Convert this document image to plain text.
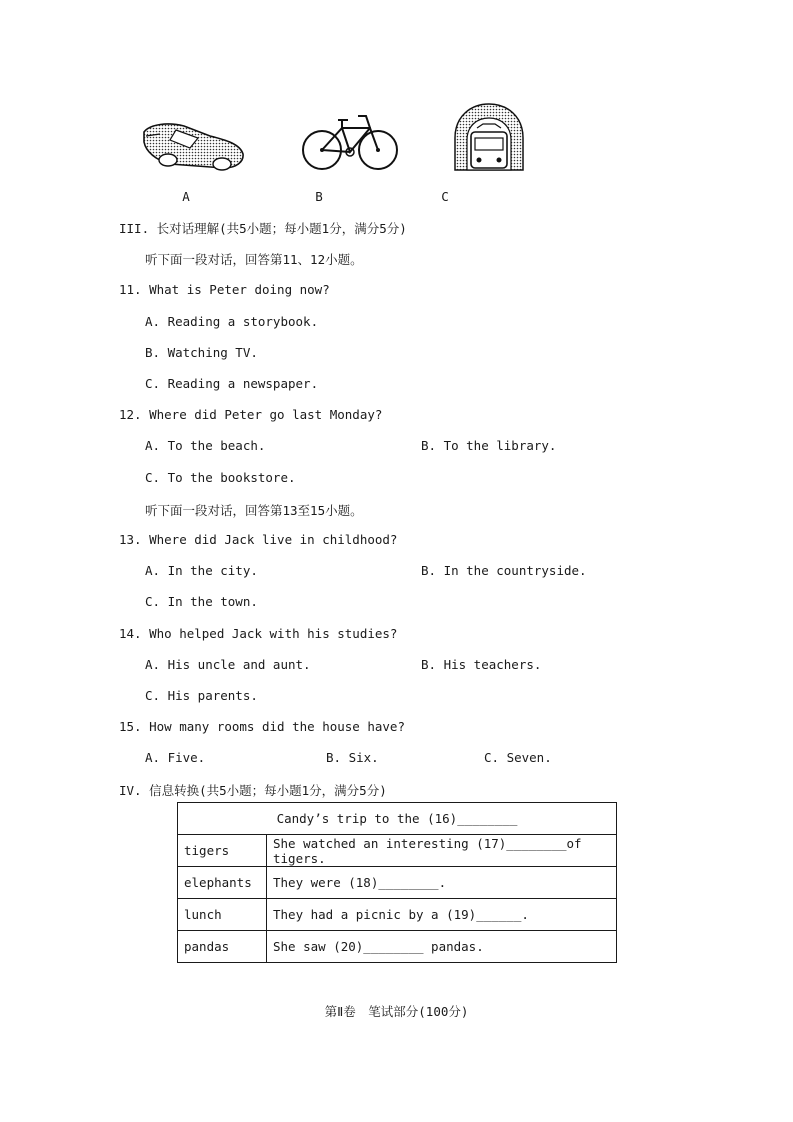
A	B	C
III. 长对话理解(共5小题；每小题1分，满分5分)
听下面一段对话，回答第11、12小题。
11. What is Peter doing now?
A. Reading a storybook.
B. Watching TV.
C. Reading a newspaper.
12. Where did Peter go last Monday?
A. To the beach.	B. To the library.
C. To the bookstore.
听下面一段对话，回答第13至15小题。
13. Where did Jack live in childhood?
A. In the city.	B. In the countryside.
C. In the town.
14. Who helped Jack with his studies?
A. His uncle and aunt.	B. His teachers.
C. His parents.
15. How many rooms did the house have?
A. Five.	B. Six.	C. Seven.
IV. 信息转换(共5小题；每小题1分，满分5分)
Candy’s trip to the (16)________	
tigers	She watched an interesting (17)________of tigers.
elephants	They were (18)________.
lunch	They had a picnic by a (19)______.
pandas	She saw (20)________ pandas.
第Ⅱ卷　笔试部分(100分)
